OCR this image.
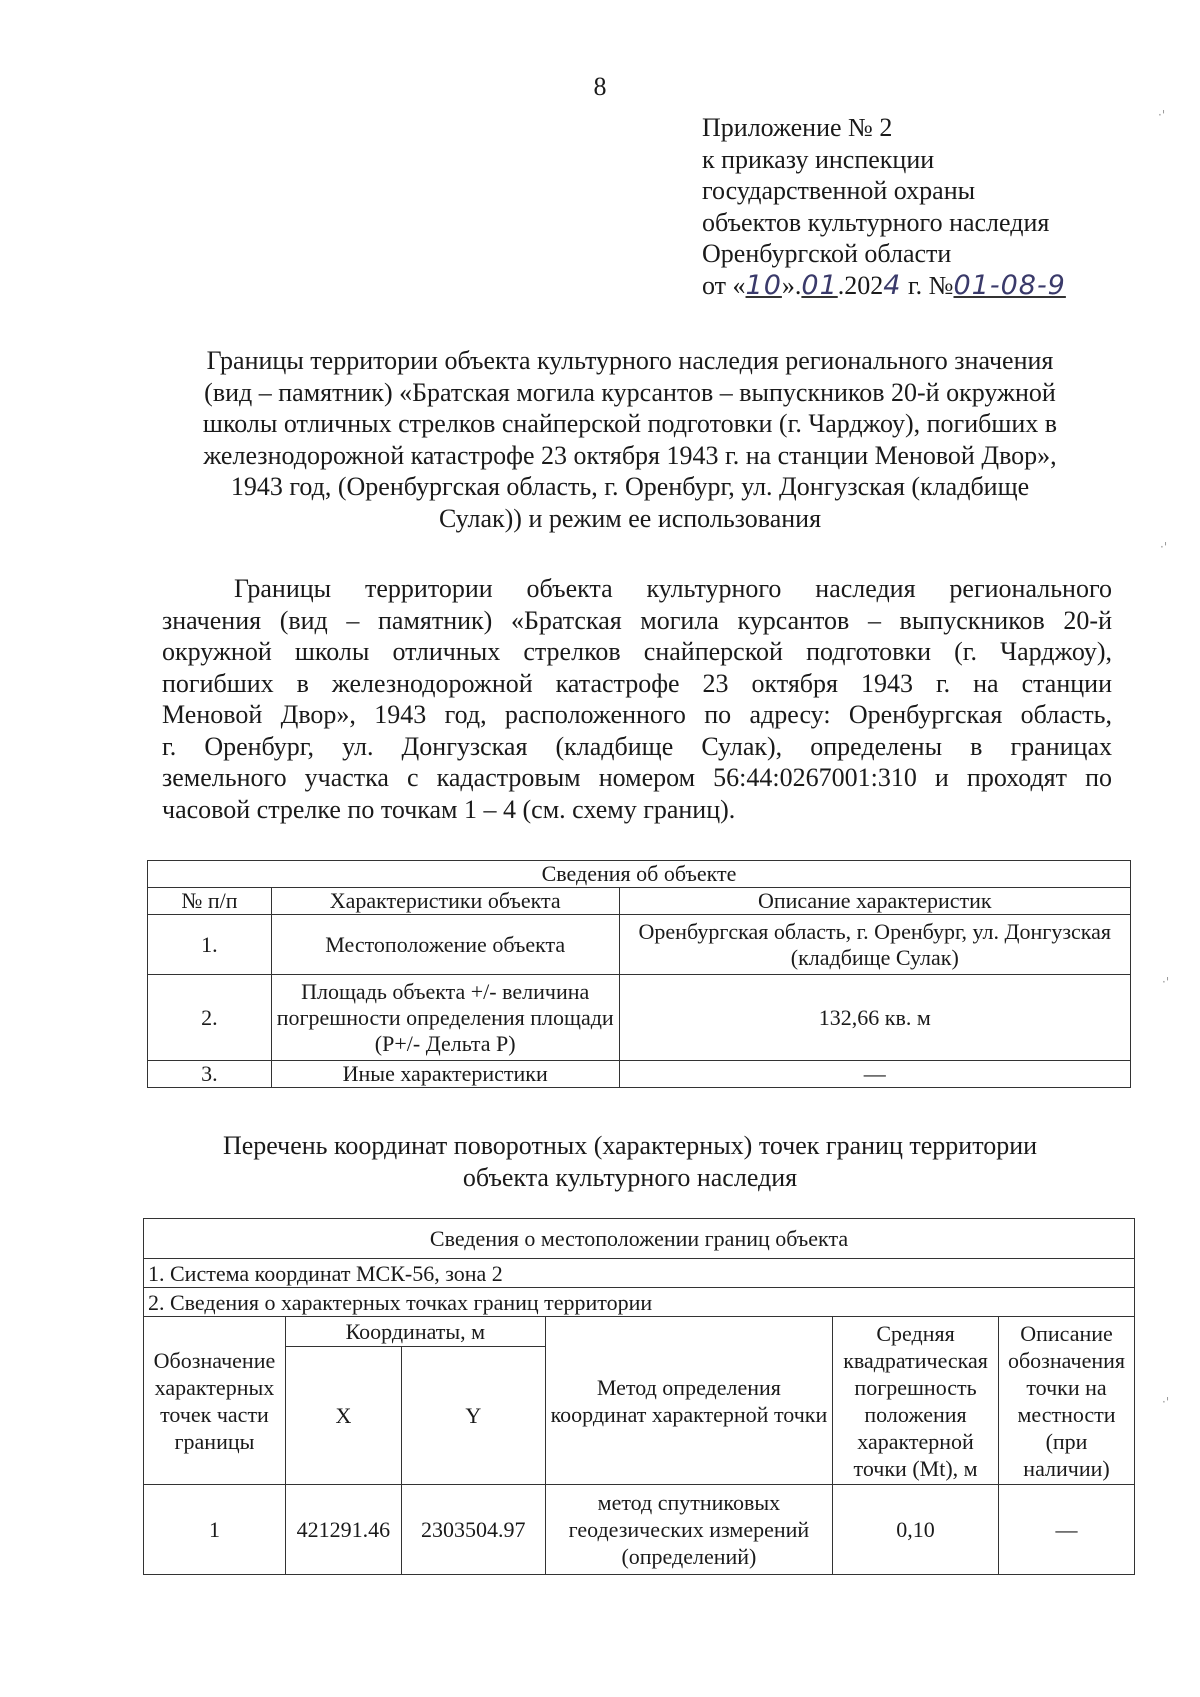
8
Приложение № 2
к приказу инспекции
государственной охраны
объектов культурного наследия
Оренбургской области
от «10».01.2024 г. №01-08-9
Границы территории объекта культурного наследия регионального значения
(вид – памятник) «Братская могила курсантов – выпускников 20-й окружной
школы отличных стрелков снайперской подготовки (г. Чарджоу), погибших в
железнодорожной катастрофе 23 октября 1943 г. на станции Меновой Двор»,
1943 год, (Оренбургская область, г. Оренбург, ул. Донгузская (кладбище
Сулак)) и режим ее использования
Границы территории объекта культурного наследия регионального
значения (вид – памятник) «Братская могила курсантов – выпускников 20-й
окружной школы отличных стрелков снайперской подготовки (г. Чарджоу),
погибших в железнодорожной катастрофе 23 октября 1943 г. на станции
Меновой Двор», 1943 год, расположенного по адресу: Оренбургская область,
г. Оренбург, ул. Донгузская (кладбище Сулак), определены в границах
земельного участка с кадастровым номером 56:44:0267001:310 и проходят по
часовой стрелке по точкам 1 – 4 (см. схему границ).
Сведения об объекте		
№ п/п	Характеристики объекта	Описание характеристик
1.	Местоположение объекта	Оренбургская область, г. Оренбург, ул. Донгузская (кладбище Сулак)
2.	Площадь объекта +/- величина погрешности определения площади (Р+/- Дельта Р)	132,66 кв. м
3.	Иные характеристики	—
Перечень координат поворотных (характерных) точек границ территории
объекта культурного наследия
Сведения о местоположении границ объекта					
1. Система координат МСК-56, зона 2					
2. Сведения о характерных точках границ территории					
Обозначение характерных точек части границы	Координаты, м		Метод определения координат характерной точки	Средняя квадратическая погрешность положения характерной точки (Mt), м	Описание обозначения точки на местности (при наличии)
	X	Y			
1	421291.46	2303504.97	метод спутниковых геодезических измерений (определений)	0,10	—
·'
·'
·'
·'
